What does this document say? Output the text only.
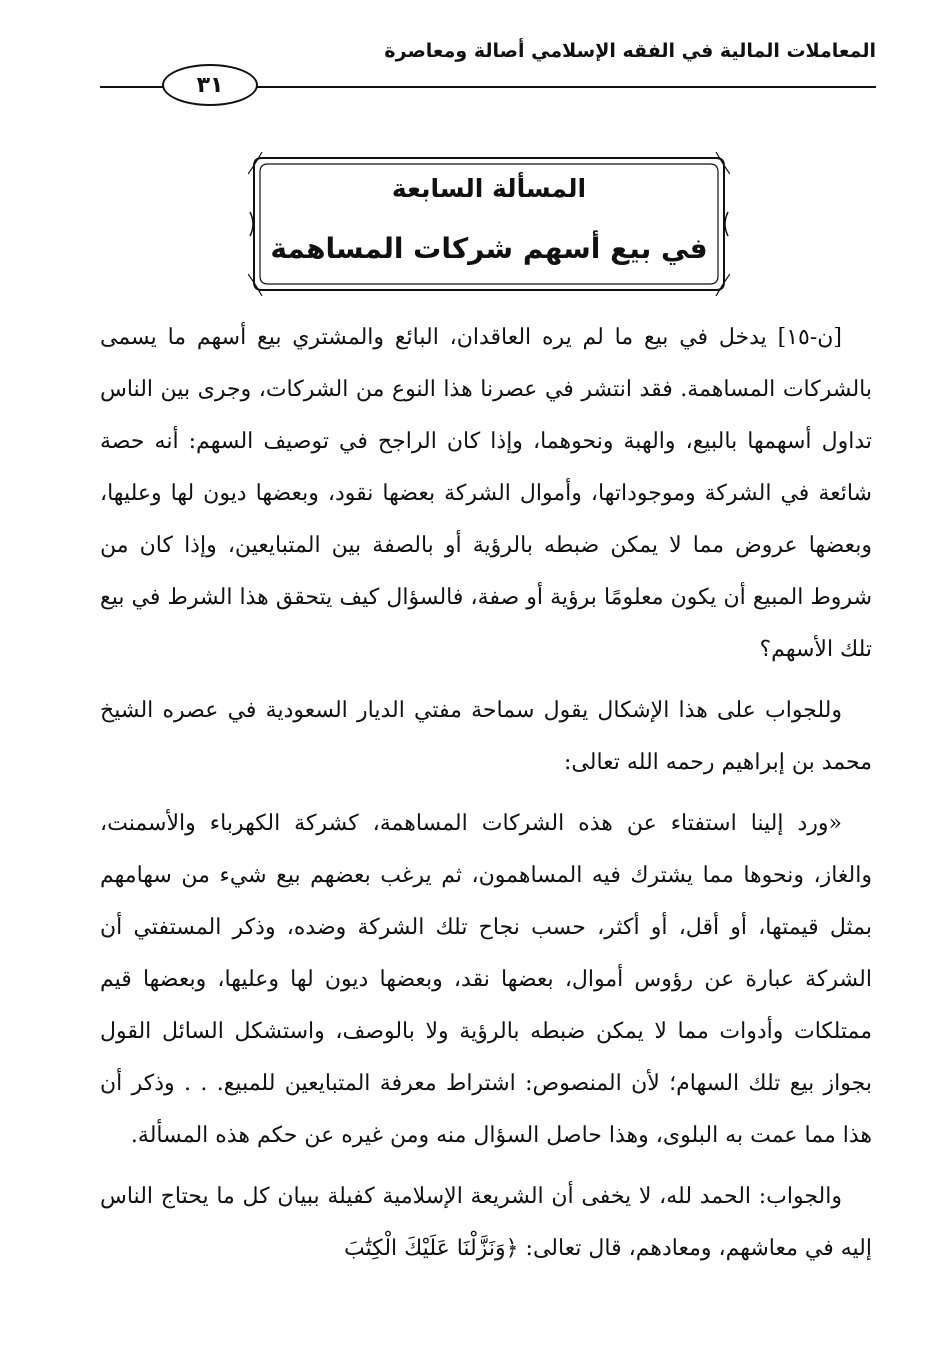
المعاملات المالية في الفقه الإسلامي أصالة ومعاصرة
٣١
المسألة السابعة
في بيع أسهم شركات المساهمة

[ن-١٥] يدخل في بيع ما لم يره العاقدان، البائع والمشتري بيع أسهم ما يسمى بالشركات المساهمة. فقد انتشر في عصرنا هذا النوع من الشركات، وجرى بين الناس تداول أسهمها بالبيع، والهبة ونحوهما، وإذا كان الراجح في توصيف السهم: أنه حصة شائعة في الشركة وموجوداتها، وأموال الشركة بعضها نقود، وبعضها ديون لها وعليها، وبعضها عروض مما لا يمكن ضبطه بالرؤية أو بالصفة بين المتبايعين، وإذا كان من شروط المبيع أن يكون معلومًا برؤية أو صفة، فالسؤال كيف يتحقق هذا الشرط في بيع تلك الأسهم؟

وللجواب على هذا الإشكال يقول سماحة مفتي الديار السعودية في عصره الشيخ محمد بن إبراهيم رحمه الله تعالى:

«ورد إلينا استفتاء عن هذه الشركات المساهمة، كشركة الكهرباء والأسمنت، والغاز، ونحوها مما يشترك فيه المساهمون، ثم يرغب بعضهم بيع شيء من سهامهم بمثل قيمتها، أو أقل، أو أكثر، حسب نجاح تلك الشركة وضده، وذكر المستفتي أن الشركة عبارة عن رؤوس أموال، بعضها نقد، وبعضها ديون لها وعليها، وبعضها قيم ممتلكات وأدوات مما لا يمكن ضبطه بالرؤية ولا بالوصف، واستشكل السائل القول بجواز بيع تلك السهام؛ لأن المنصوص: اشتراط معرفة المتبايعين للمبيع. . . وذكر أن هذا مما عمت به البلوى، وهذا حاصل السؤال منه ومن غيره عن حكم هذه المسألة.

والجواب: الحمد لله، لا يخفى أن الشريعة الإسلامية كفيلة ببيان كل ما يحتاج الناس إليه في معاشهم، ومعادهم، قال تعالى: ﴿وَنَزَّلْنَا عَلَيْكَ الْكِتَٰبَ
